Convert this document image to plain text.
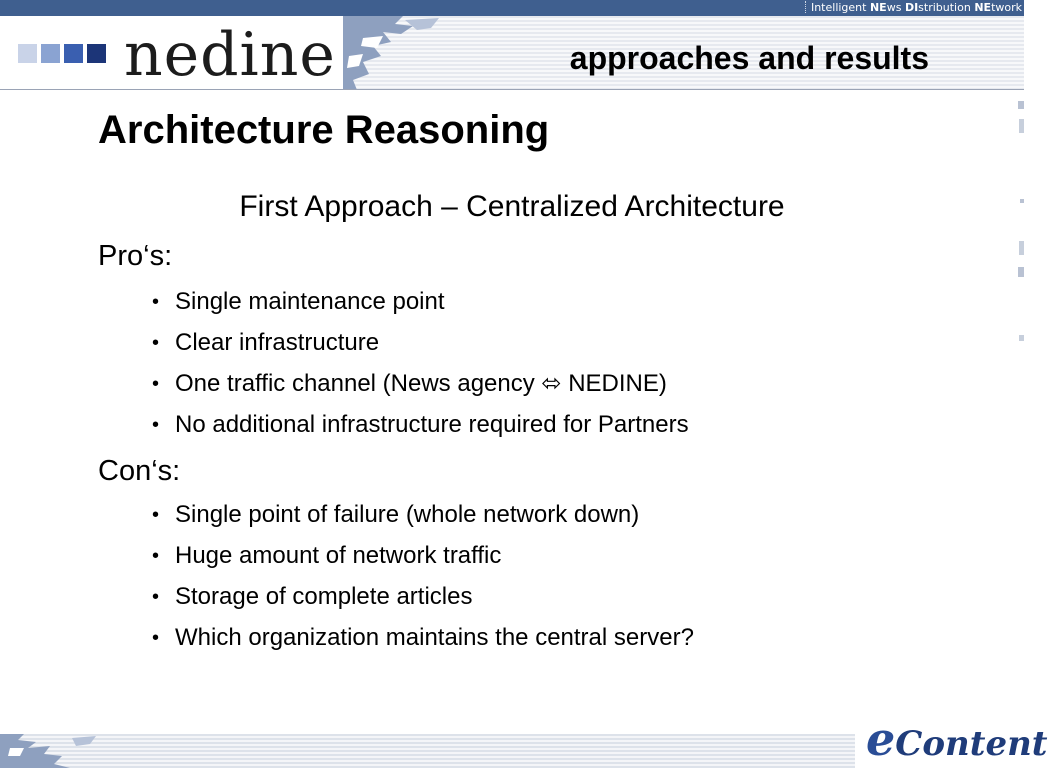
Intelligent NEws DIstribution NEtwork
nedine	approaches and results
Architecture Reasoning
First Approach – Centralized Architecture
Pro‘s:
• Single maintenance point
• Clear infrastructure
• One traffic channel (News agency ⬄ NEDINE)
• No additional infrastructure required for Partners
Con‘s:
• Single point of failure (whole network down)
• Huge amount of network traffic
• Storage of complete articles
• Which organization maintains the central server?
eContent
